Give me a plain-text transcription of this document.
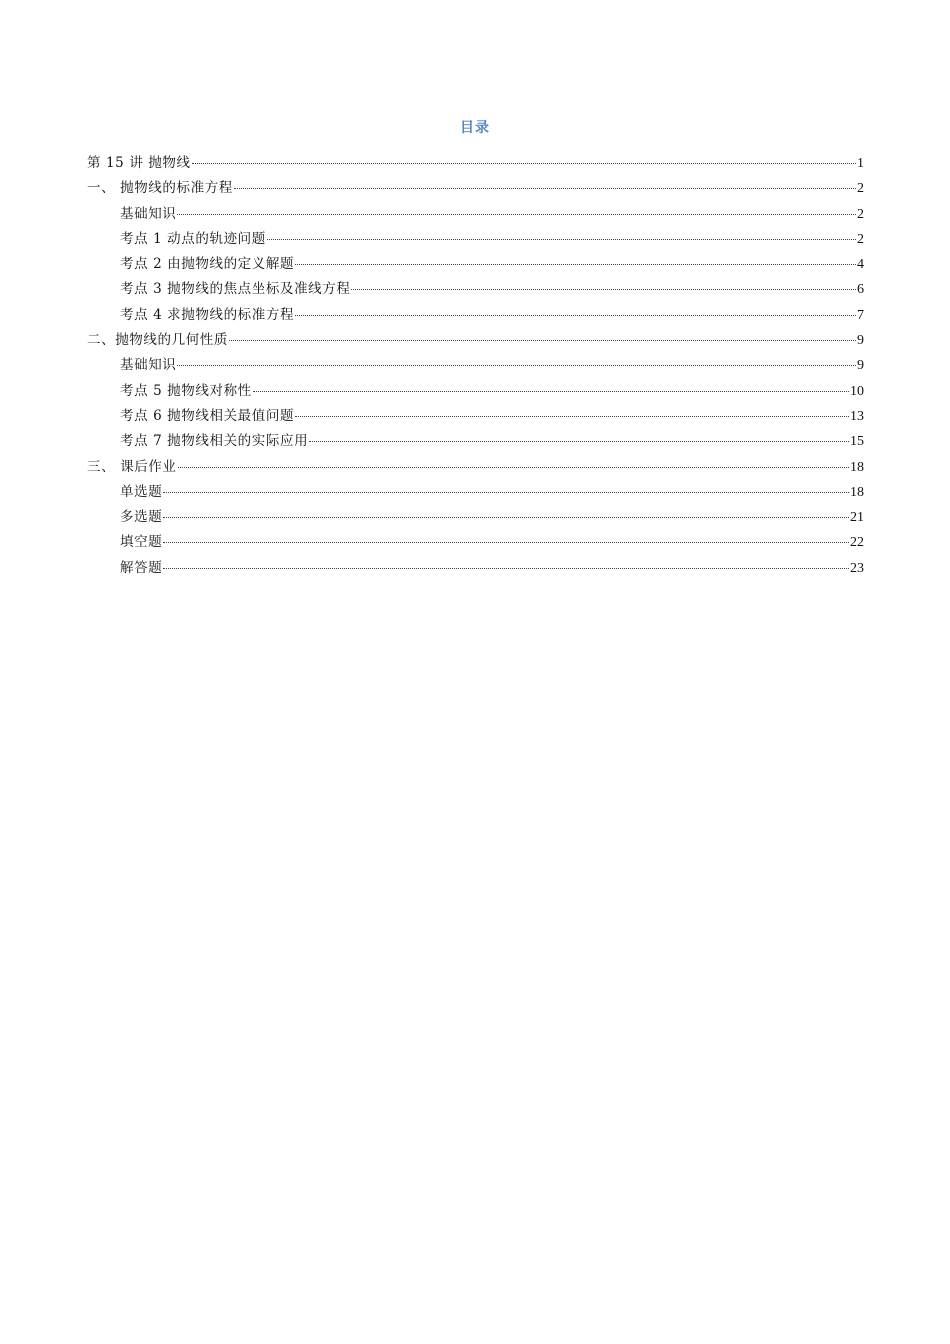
目录
第 15 讲 抛物线	1
一、 抛物线的标准方程	2
基础知识	2
考点 1 动点的轨迹问题	2
考点 2 由抛物线的定义解题	4
考点 3 抛物线的焦点坐标及准线方程	6
考点 4 求抛物线的标准方程	7
二、抛物线的几何性质	9
基础知识	9
考点 5 抛物线对称性	10
考点 6 抛物线相关最值问题	13
考点 7 抛物线相关的实际应用	15
三、 课后作业	18
单选题	18
多选题	21
填空题	22
解答题	23
